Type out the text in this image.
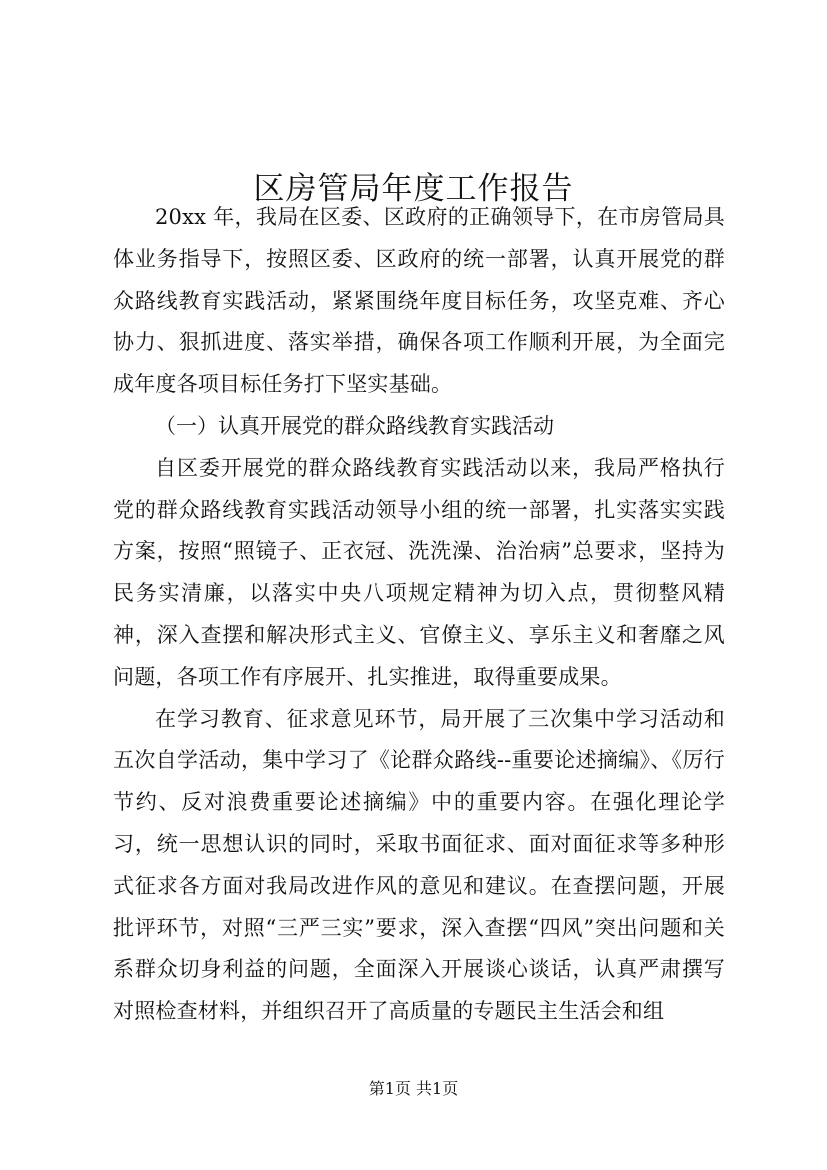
区房管局年度工作报告

20xx 年，我局在区委、区政府的正确领导下，在市房管局具体业务指导下，按照区委、区政府的统一部署，认真开展党的群众路线教育实践活动，紧紧围绕年度目标任务，攻坚克难、齐心协力、狠抓进度、落实举措，确保各项工作顺利开展，为全面完成年度各项目标任务打下坚实基础。

（一）认真开展党的群众路线教育实践活动

自区委开展党的群众路线教育实践活动以来，我局严格执行党的群众路线教育实践活动领导小组的统一部署，扎实落实实践方案，按照“照镜子、正衣冠、洗洗澡、治治病”总要求，坚持为民务实清廉，以落实中央八项规定精神为切入点，贯彻整风精神，深入查摆和解决形式主义、官僚主义、享乐主义和奢靡之风问题，各项工作有序展开、扎实推进，取得重要成果。

在学习教育、征求意见环节，局开展了三次集中学习活动和五次自学活动，集中学习了《论群众路线--重要论述摘编》、《厉行节约、反对浪费重要论述摘编》中的重要内容。在强化理论学习，统一思想认识的同时，采取书面征求、面对面征求等多种形式征求各方面对我局改进作风的意见和建议。在查摆问题，开展批评环节，对照“三严三实”要求，深入查摆“四风”突出问题和关系群众切身利益的问题，全面深入开展谈心谈话，认真严肃撰写对照检查材料，并组织召开了高质量的专题民主生活会和组

第1页 共1页
